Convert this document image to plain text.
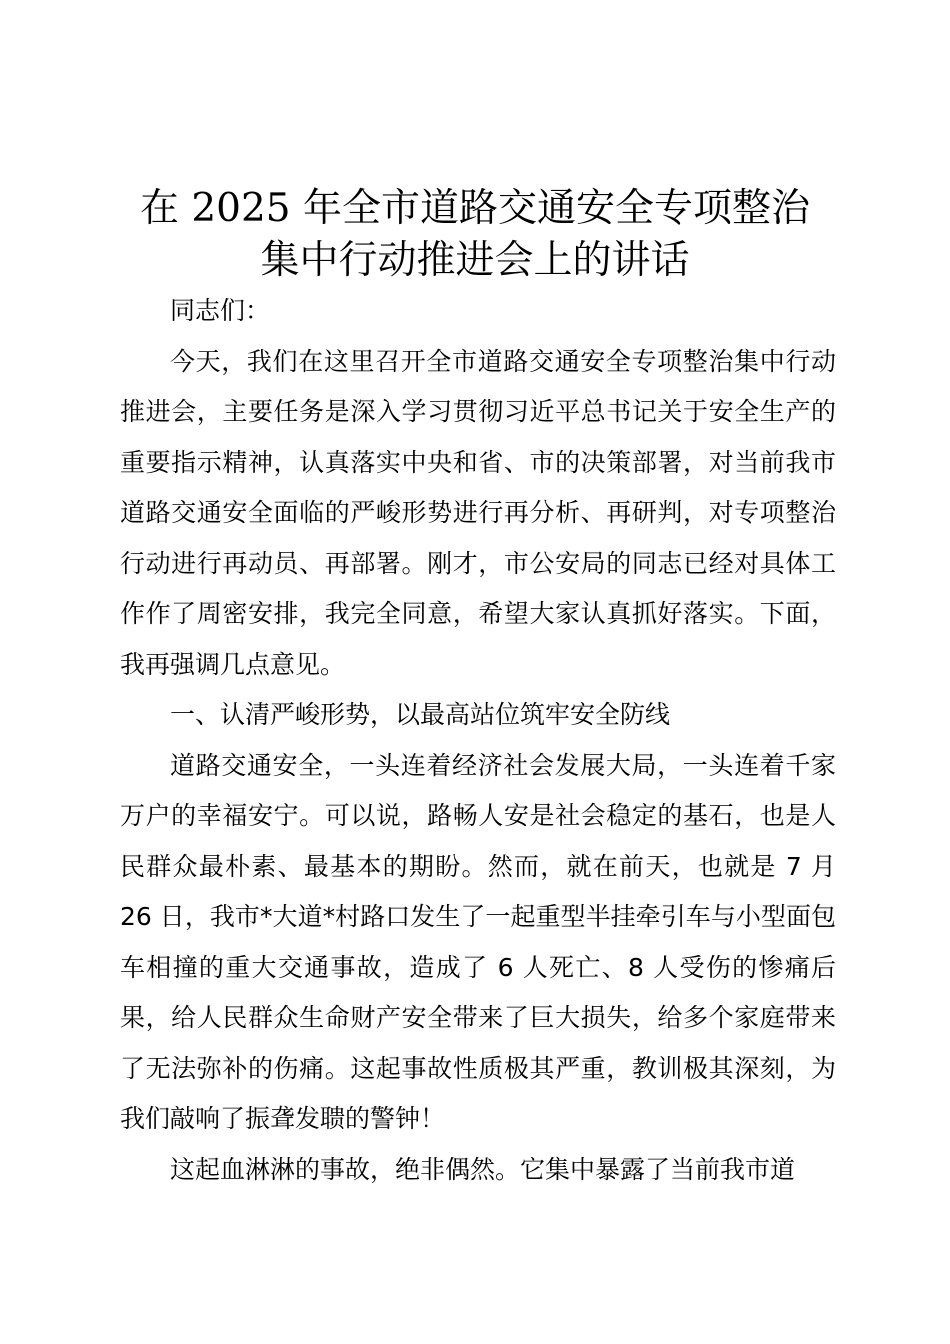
在 2025 年全市道路交通安全专项整治
集中行动推进会上的讲话

同志们：

今天，我们在这里召开全市道路交通安全专项整治集中行动推进会，主要任务是深入学习贯彻习近平总书记关于安全生产的重要指示精神，认真落实中央和省、市的决策部署，对当前我市道路交通安全面临的严峻形势进行再分析、再研判，对专项整治行动进行再动员、再部署。刚才，市公安局的同志已经对具体工作作了周密安排，我完全同意，希望大家认真抓好落实。下面，我再强调几点意见。

一、认清严峻形势，以最高站位筑牢安全防线

道路交通安全，一头连着经济社会发展大局，一头连着千家万户的幸福安宁。可以说，路畅人安是社会稳定的基石，也是人民群众最朴素、最基本的期盼。然而，就在前天，也就是 7 月 26 日，我市*大道*村路口发生了一起重型半挂牵引车与小型面包车相撞的重大交通事故，造成了 6 人死亡、8 人受伤的惨痛后果，给人民群众生命财产安全带来了巨大损失，给多个家庭带来了无法弥补的伤痛。这起事故性质极其严重，教训极其深刻，为我们敲响了振聋发聩的警钟！

这起血淋淋的事故，绝非偶然。它集中暴露了当前我市道
